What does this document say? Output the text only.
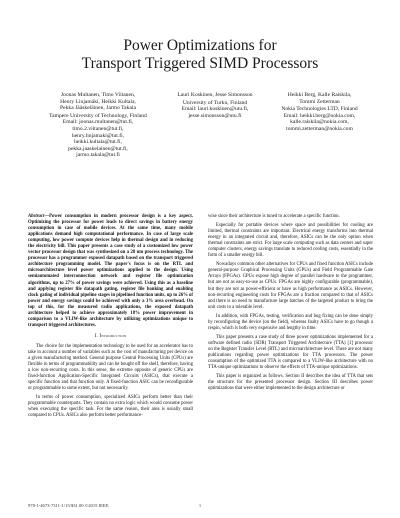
Power Optimizations for
Transport Triggered SIMD Processors
Joonas Multanen, Timo Viitanen,
Henry Linjamäki, Heikki Kultala,
Pekka Jääskeläinen, Jarmo Takala
Tampere University of Technology, Finland
Email: joonas.multanen@tut.fi,
timo.2.viitanen@tut.fi,
henry.linjamaki@tut.fi,
heikki.kultala@tut.fi,
pekka.jaaskelainen@tut.fi,
jarmo.takala@tut.fi
Lauri Koskinen, Jesse Simonsson
University of Turku, Finland
Email: lauri.koskinen@utu.fi,
jesse.simonsson@utu.fi
Heikki Berg, Kalle Raiskila,
Tommi Zetterman
Nokia Technologies LTD, Finland
Email: heikki.berg@nokia.com,
kalle.raiskila@nokia.com,
tommi.zetterman@nokia.com

Abstract—Power consumption in modern processor design is a key aspect. Optimizing the processor for power leads to direct savings in battery energy consumption in case of mobile devices. At the same time, many mobile applications demand high computational performance. In case of large scale computing, low power compute devices help in thermal design and in reducing the electricity bill. This paper presents a case study of a customized low power vector processor design that was synthesized on a 28 nm process technology. The processor has a programmer exposed datapath based on the transport triggered architecture programming model. The paper's focus is on the RTL and microarchitecture level power optimizations applied to the design. Using semiautomated interconnection network and register file optimization algorithms, up to 27% of power savings were achieved. Using this as a baseline and applying register file datapath gating, register file banking and enabling clock gating of individual pipeline stages in pipelined function units, up to 26% of power and energy savings could be achieved with only a 3% area overhead. On top of this, for the measured radio applications, the exposed datapath architecture helped to achieve approximately 18% power improvement in comparison to a VLIW-like architecture by utilizing optimizations unique to transport triggered architectures.

I. Introduction

The choice for the implementation technology to be used for an accelerator has to take in account a number of variables such as the cost of manufacturing per device on a given manufacturing method. General purpose Central Processing Units (CPUs) are flexible in terms of programmability and can be bought off the shelf, therefore, having a low non-recurring costs. In this sense, the extreme opposite of generic CPUs are fixed-function Application-Specific Integrated Circuits (ASICs), that execute a specific function and that function only. A fixed-function ASIC can be reconfigurable or programmable to some extent, but not necessarily.

In terms of power consumption, specialized ASICs perform better than their programmable counterparts. They contain no extra logic which would consume power when executing the specific task. For the same reason, their area is usually small compared to CPUs. ASICs also perform better performance-

wise since their architecture is tuned to accelerate a specific function.

Especially for portable devices where space and possibilities for cooling are limited, thermal constraints are important. Electrical energy transforms into thermal energy in an integrated circuit and, therefore, ASICs can be the only option when thermal constraints are strict. For large scale computing such as data centers and super computer clusters, energy savings translate to reduced cooling costs, essentially in the form of a smaller energy bill.

Nowadays common other alternatives for CPUs and fixed function ASICs include general-purpose Graphical Processing Units (GPUs) and Field Programmable Gate Arrays (FPGAs). GPUs expose high degree of parallel hardware to the programmer, but are not as easy-to-use as CPUs. FPGAs are highly configurable (programmable), but they are not as power-efficient or have as high performance as ASICs. However, non-recurring engineering costs for FPGAs are a fraction compared to that of ASICs and there is no need to manufacture large batches of the targeted product to bring the unit costs to a tolerable level.

In addition, with FPGAs, testing, verification and bug fixing can be done simply by reconfiguring the device (on the field), whereas faulty ASICs have to go though a respin, which is both very expensive and lengthy in time.

This paper presents a case study of three power optimizations implemented for a software defined radio (SDR) Transport Triggered Architecture (TTA) [1] processor on the Register Transfer Level (RTL) and microarchitecture level. There are not many publications regarding power optimizations for TTA processors. The power consumption of the optimized TTA is compared to a VLIW-like architecture with no TTA-unique optimizations to observe the effects of TTA-unique optimizations.

This paper is organized as follows. Section II describes the idea of TTA that sets the structure for the presented processor design. Section III describes power optimizations that were either implemented to the design architecture or

978-1-4673-7311-1/15/$31.00 ©2015 IEEE	1
